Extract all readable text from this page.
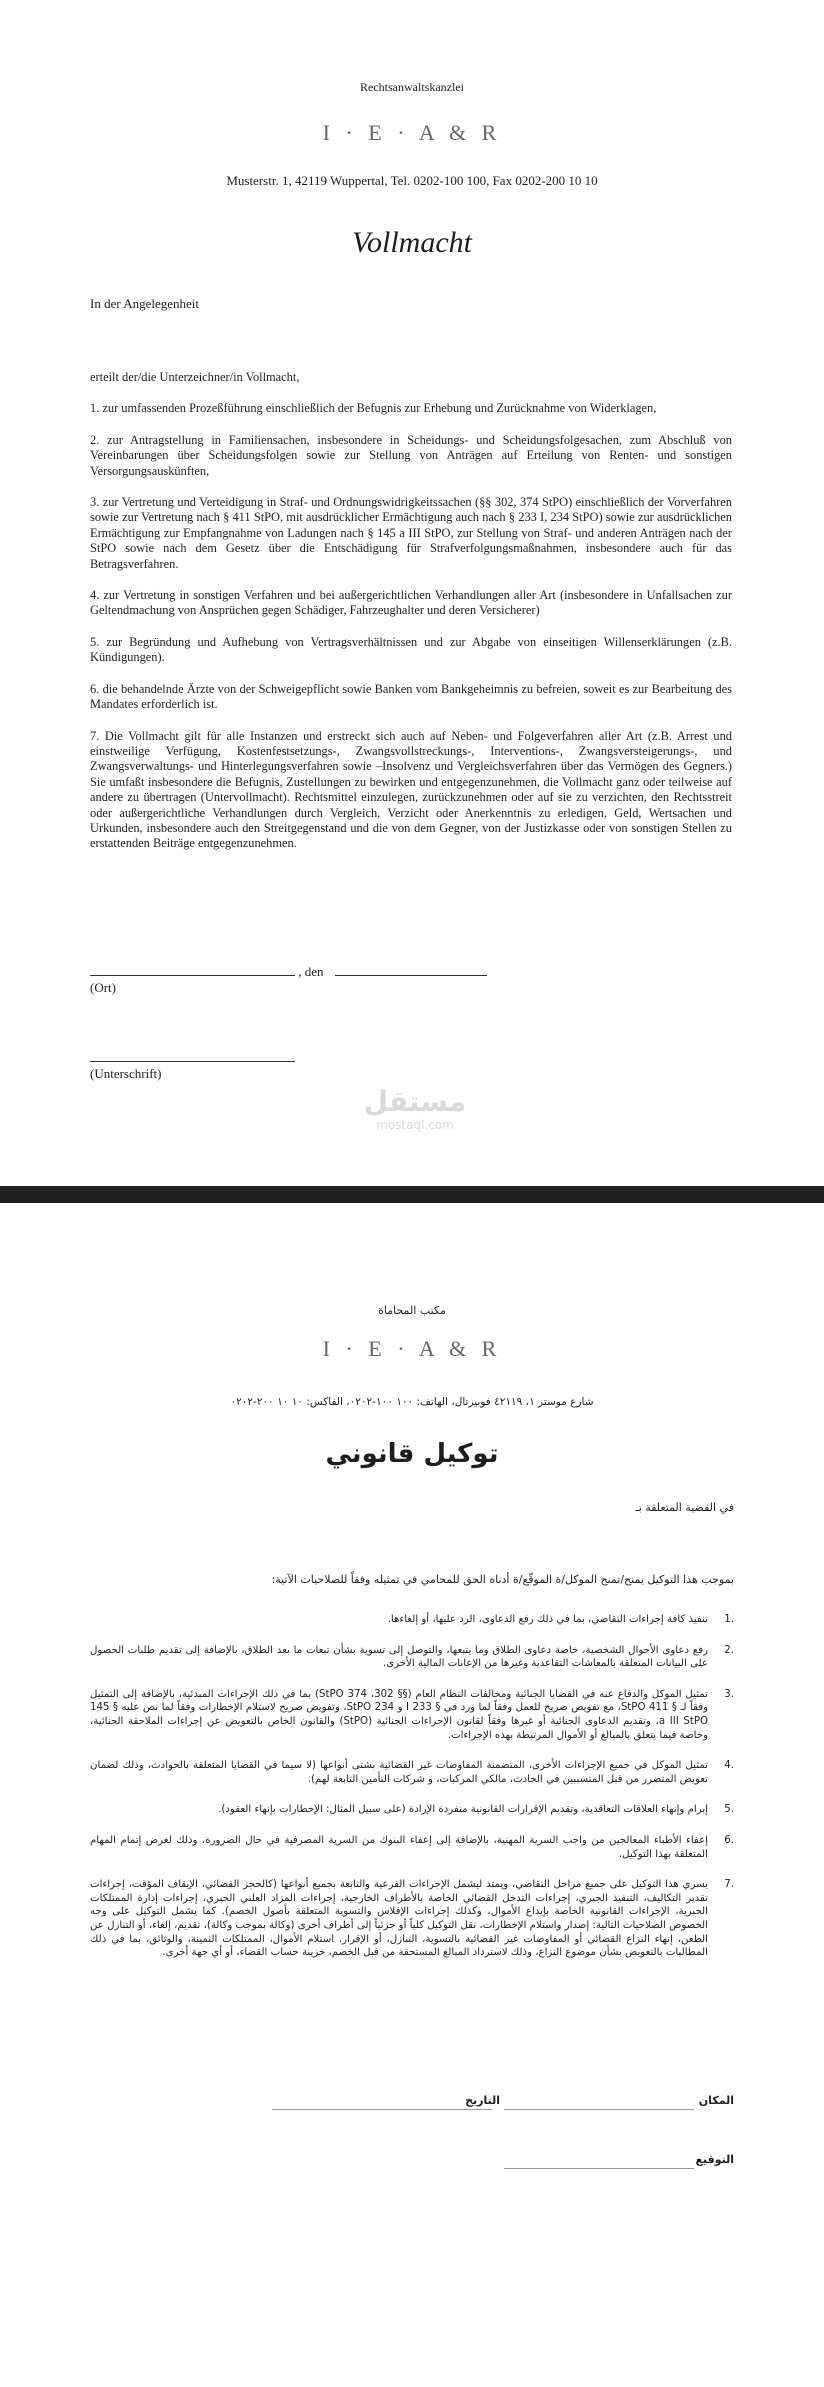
Rechtsanwaltskanzlei
I · E · A & R
Musterstr. 1, 42119 Wuppertal, Tel. 0202-100 100, Fax 0202-200 10 10
Vollmacht
In der Angelegenheit

erteilt der/die Unterzeichner/in Vollmacht,

1. zur umfassenden Prozeßführung einschließlich der Befugnis zur Erhebung und Zurücknahme von Widerklagen,

2. zur Antragstellung in Familiensachen, insbesondere in Scheidungs- und Scheidungsfolgesachen, zum Abschluß von Vereinbarungen über Scheidungsfolgen sowie zur Stellung von Anträgen auf Erteilung von Renten- und sonstigen Versorgungsauskünften,

3. zur Vertretung und Verteidigung in Straf- und Ordnungswidrigkeitssachen (§§ 302, 374 StPO) einschließlich der Vorverfahren sowie zur Vertretung nach § 411 StPO, mit ausdrücklicher Ermächtigung auch nach § 233 I, 234 StPO) sowie zur ausdrücklichen Ermächtigung zur Empfangnahme von Ladungen nach § 145 a III StPO, zur Stellung von Straf- und anderen Anträgen nach der StPO sowie nach dem Gesetz über die Entschädigung für Strafverfolgungsmaßnahmen, insbesondere auch für das Betragsverfahren.

4. zur Vertretung in sonstigen Verfahren und bei außergerichtlichen Verhandlungen aller Art (insbesondere in Unfallsachen zur Geltendmachung von Ansprüchen gegen Schädiger, Fahrzeughalter und deren Versicherer)

5. zur Begründung und Aufhebung von Vertragsverhältnissen und zur Abgabe von einseitigen Willenserklärungen (z.B. Kündigungen).

6. die behandelnde Ärzte von der Schweigepflicht sowie Banken vom Bankgeheimnis zu befreien, soweit es zur Bearbeitung des Mandates erforderlich ist.

7. Die Vollmacht gilt für alle Instanzen und erstreckt sich auch auf Neben- und Folgeverfahren aller Art (z.B. Arrest und einstweilige Verfügung, Kostenfestsetzungs-, Zwangsvollstreckungs-, Interventions-, Zwangsversteigerungs-, und Zwangsverwaltungs- und Hinterlegungsverfahren sowie –Insolvenz und Vergleichsverfahren über das Vermögen des Gegners.) Sie umfaßt insbesondere die Befugnis, Zustellungen zu bewirken und entgegenzunehmen, die Vollmacht ganz oder teilweise auf andere zu übertragen (Untervollmacht). Rechtsmittel einzulegen, zurückzunehmen oder auf sie zu verzichten, den Rechtsstreit oder außergerichtliche Verhandlungen durch Vergleich, Verzicht oder Anerkenntnis zu erledigen, Geld, Wertsachen und Urkunden, insbesondere auch den Streitgegenstand und die von dem Gegner, von der Justizkasse oder von sonstigen Stellen zu erstattenden Beiträge entgegenzunehmen.

, den
(Ort)
(Unterschrift)
مكتب المحاماة
I · E · A & R
شارع موستر ١، ٤٢١١٩ فوبيرتال، الهاتف: ١٠٠ ١٠٠-٠٢٠٢، الفاكس: ١٠ ١٠ ٢٠٠-٠٢٠٢
توكيل قانوني
في القضية المتعلقة بـ
بموجب هذا التوكيل يمنح/تمنح الموكل/ة الموقّع/ة أدناه الحق للمحامي في تمثيله وفقاً للصلاحيات الآتية:
.1
تنفيذ كافة إجراءات التقاضي، بما في ذلك رفع الدعاوى، الرد عليها، أو إلغاءها.
.2
رفع دعاوى الأحوال الشخصية، خاصة دعاوى الطلاق وما يتبعها، والتوصل إلى تسوية بشأن تبعات ما بعد الطلاق، بالإضافة إلى تقديم طلبات الحصول على البيانات المتعلقة بالمعاشات التقاعدية وغيرها من الإعانات المالية الأخرى.
.3
تمثيل الموكل والدفاع عنه في القضايا الجنائية ومخالفات النظام العام (§§ 302، 374 StPO) بما في ذلك الإجراءات المبدئية، بالإضافة إلى التمثيل وفقاً لـ § 411 StPO، مع تفويض صريح للعمل وفقاً لما ورد في § 233 I و 234 StPO، وتفويض صريح لاستلام الإخطارات وفقاً لما نص عليه § 145 a III StPO، وتقديم الدعاوى الجنائية أو غيرها وفقاً لقانون الإجراءات الجنائية (StPO) والقانون الخاص بالتعويض عن إجراءات الملاحقة الجنائية، وخاصة فيما يتعلق بالمبالغ أو الأموال المرتبطة بهذه الإجراءات.
.4
تمثيل الموكل في جميع الإجراءات الأخرى، المتضمنة المفاوضات غير القضائية بشتى أنواعها (لا سيما في القضايا المتعلقة بالحوادث، وذلك لضمان تعويض المتضرر من قبل المتسببين في الحادث، مالكي المركبات، و شركات التأمين التابعة لهم).
.5
إبرام وإنهاء العلاقات التعاقدية، وتقديم الإقرارات القانونية منفردة الإرادة (على سبيل المثال: الإخطارات بإنهاء العقود).
.6
إعفاء الأطباء المعالجين من واجب السرية المهنية، بالإضافة إلى إعفاء البنوك من السرية المصرفية في حال الضرورة، وذلك لغرض إتمام المهام المتعلقة بهذا التوكيل.
.7
يسري هذا التوكيل على جميع مراحل التقاضي، ويمتد ليشمل الإجراءات الفرعية والتابعة بجميع أنواعها (كالحجز القضائي، الإيقاف المؤقت، إجراءات تقدير التكاليف، التنفيذ الجبري، إجراءات التدخل القضائي الخاصة بالأطراف الخارجية، إجراءات المزاد العلني الجبري، إجراءات إدارة الممتلكات الجبرية، الإجراءات القانونية الخاصة بإيداع الأموال، وكذلك إجراءات الإفلاس والتسوية المتعلقة بأصول الخصم). كما يشمل التوكيل على وجه الخصوص الصلاحيات التالية: إصدار واستلام الإخطارات، نقل التوكيل كلياً أو جزئياً إلى أطراف أخرى (وكالة بموجب وكالة)، تقديم، إلغاء، أو التنازل عن الطعن، إنهاء النزاع القضائي أو المفاوضات غير القضائية بالتسوية، التنازل، أو الإقرار. استلام الأموال، الممتلكات الثمينة، والوثائق، بما في ذلك المطالبات بالتعويض بشأن موضوع النزاع، وذلك لاسترداد المبالغ المستحقة من قبل الخصم، خزينة حساب القضاء، أو أي جهة أخرى.
المكان
التاريخ
التوقيع
مستقل
mostaql.com
